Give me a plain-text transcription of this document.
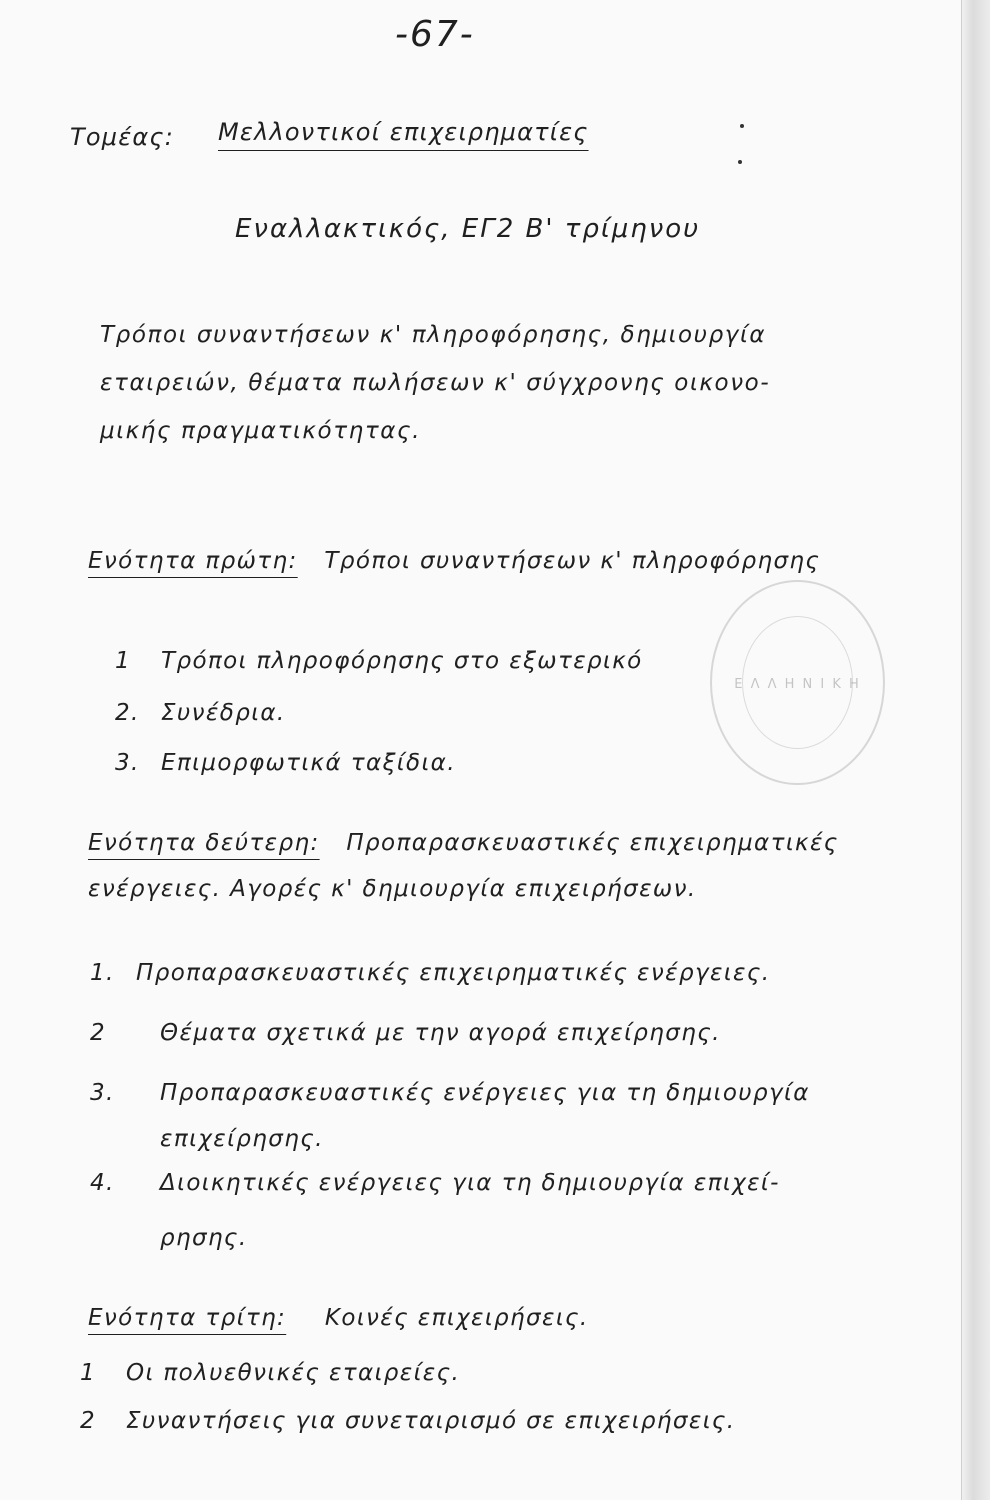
-67-
Τομέας: Μελλοντικοί επιχειρηματίες
Εναλλακτικός, ΕΓ2 Β' τρίμηνου
Τρόποι συναντήσεων κ' πληροφόρησης, δημιουργία
εταιρειών, θέματα πωλήσεων κ' σύγχρονης οικονο-
μικής πραγματικότητας.
Ε Λ Λ Η Ν Ι Κ Η
Ενότητα πρώτη: Τρόποι συναντήσεων κ' πληροφόρησης
1 Τρόποι πληροφόρησης στο εξωτερικό
2. Συνέδρια.
3. Επιμορφωτικά ταξίδια.
Ενότητα δεύτερη: Προπαρασκευαστικές επιχειρηματικές
ενέργειες. Αγορές κ' δημιουργία επιχειρήσεων.
1. Προπαρασκευαστικές επιχειρηματικές ενέργειες.
2 Θέματα σχετικά με την αγορά επιχείρησης.
3. Προπαρασκευαστικές ενέργειες για τη δημιουργία
επιχείρησης.
4. Διοικητικές ενέργειες για τη δημιουργία επιχεί-
ρησης.
Ενότητα τρίτη: Κοινές επιχειρήσεις.
1 Οι πολυεθνικές εταιρείες.
2 Συναντήσεις για συνεταιρισμό σε επιχειρήσεις.
